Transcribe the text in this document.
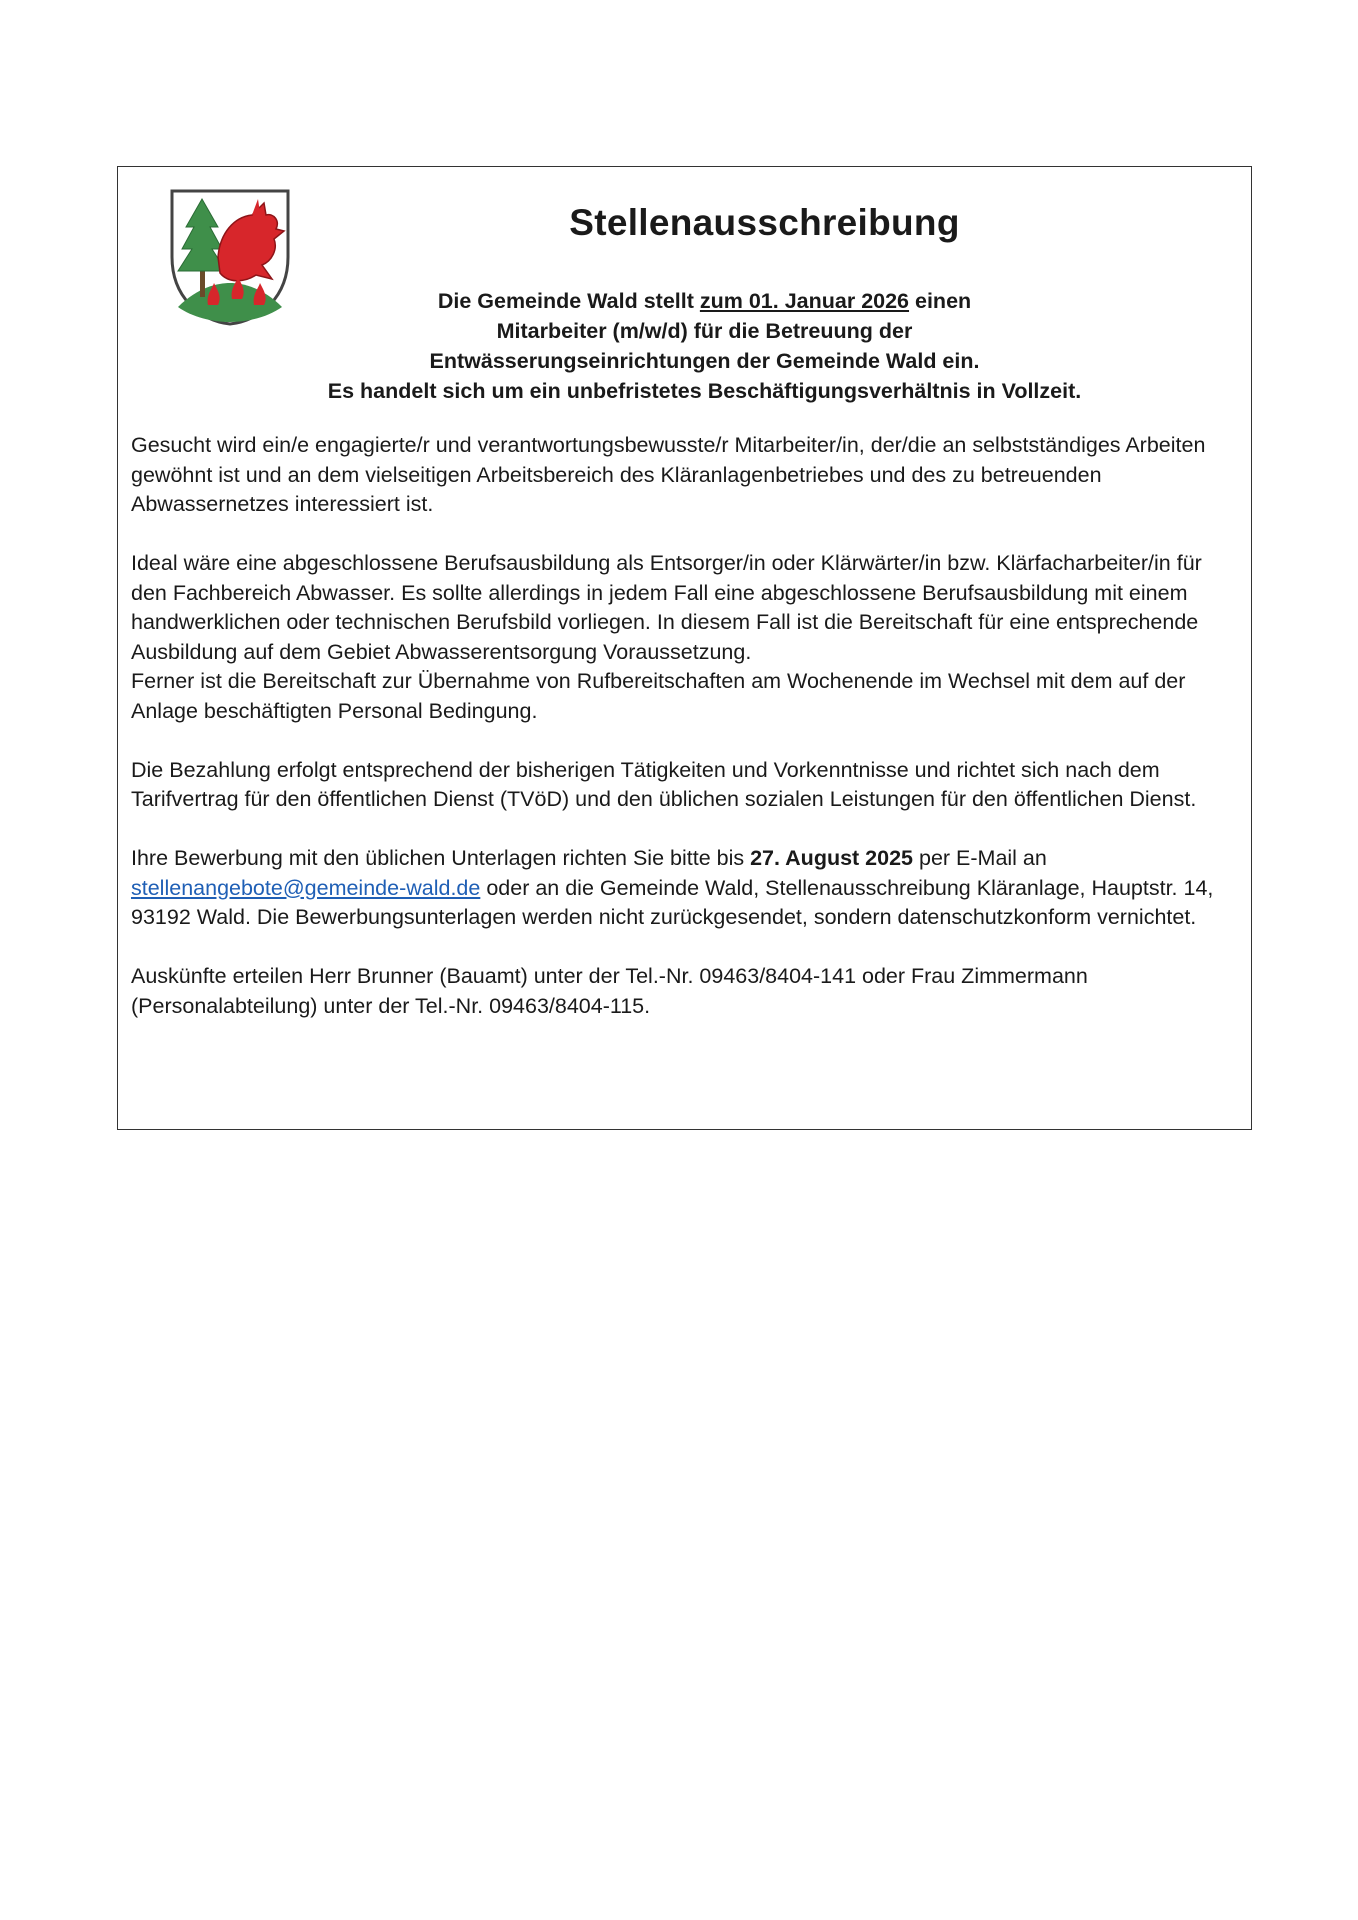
Stellenausschreibung
Die Gemeinde Wald stellt zum 01. Januar 2026 einen
Mitarbeiter (m/w/d) für die Betreuung der
Entwässerungseinrichtungen der Gemeinde Wald ein.
Es handelt sich um ein unbefristetes Beschäftigungsverhältnis in Vollzeit.

Gesucht wird ein/e engagierte/r und verantwortungsbewusste/r Mitarbeiter/in, der/die an selbstständiges Arbeiten gewöhnt ist und an dem vielseitigen Arbeitsbereich des Kläranlagenbetriebes und des zu betreuenden Abwassernetzes interessiert ist.

Ideal wäre eine abgeschlossene Berufsausbildung als Entsorger/in oder Klärwärter/in bzw. Klärfacharbeiter/in für den Fachbereich Abwasser. Es sollte allerdings in jedem Fall eine abgeschlossene Berufsausbildung mit einem handwerklichen oder technischen Berufsbild vorliegen. In diesem Fall ist die Bereitschaft für eine entsprechende Ausbildung auf dem Gebiet Abwasserentsorgung Voraussetzung.

Ferner ist die Bereitschaft zur Übernahme von Rufbereitschaften am Wochenende im Wechsel mit dem auf der Anlage beschäftigten Personal Bedingung.

Die Bezahlung erfolgt entsprechend der bisherigen Tätigkeiten und Vorkenntnisse und richtet sich nach dem Tarifvertrag für den öffentlichen Dienst (TVöD) und den üblichen sozialen Leistungen für den öffentlichen Dienst.

Ihre Bewerbung mit den üblichen Unterlagen richten Sie bitte bis 27. August 2025 per E-Mail an stellenangebote@gemeinde-wald.de oder an die Gemeinde Wald, Stellenausschreibung Kläranlage, Hauptstr. 14, 93192 Wald. Die Bewerbungsunterlagen werden nicht zurückgesendet, sondern datenschutzkonform vernichtet.

Auskünfte erteilen Herr Brunner (Bauamt) unter der Tel.-Nr. 09463/8404-141 oder Frau Zimmermann (Personalabteilung) unter der Tel.-Nr. 09463/8404-115.
